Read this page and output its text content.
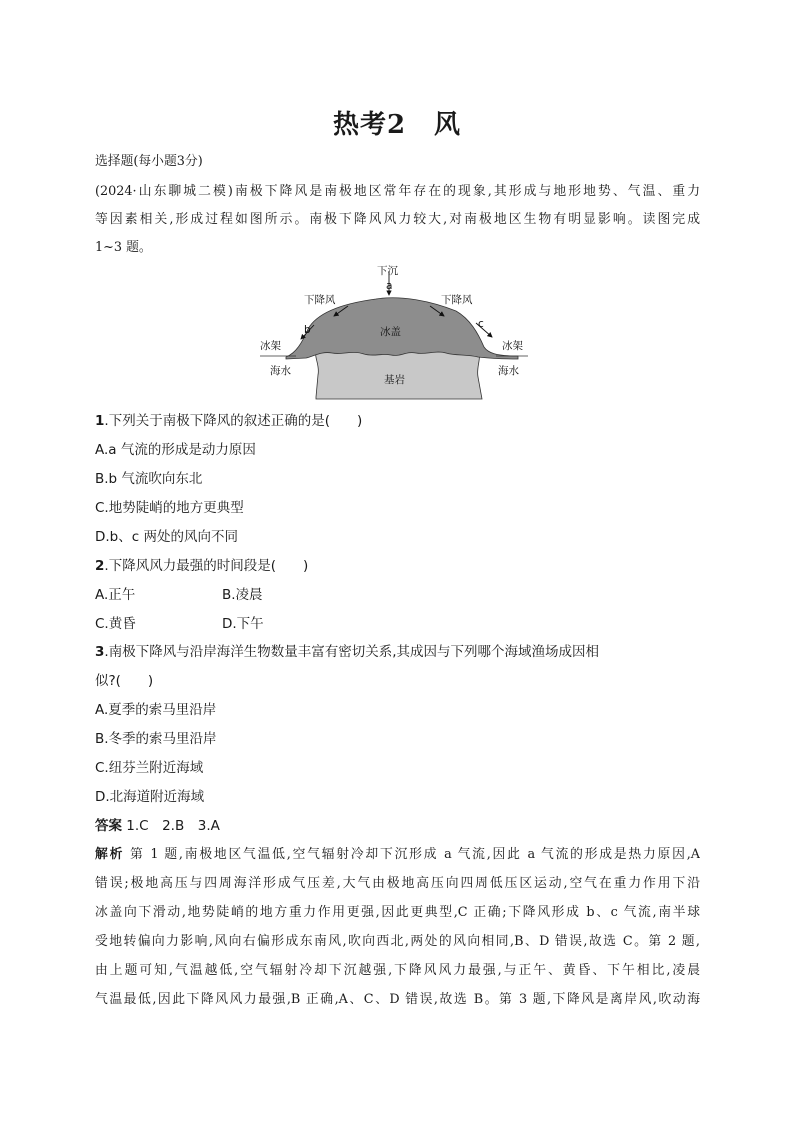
热考2 风
选择题(每小题3分)
(2024·山东聊城二模)南极下降风是南极地区常年存在的现象,其形成与地形地势、气温、重力
等因素相关,形成过程如图所示。南极下降风风力较大,对南极地区生物有明显影响。读图完成
1~3 题。
下沉
a
下降风	下降风
b	c
冰盖
冰架	冰架
海水	海水
基岩
1.下列关于南极下降风的叙述正确的是(　　)
A.a 气流的形成是动力原因
B.b 气流吹向东北
C.地势陡峭的地方更典型
D.b、c 两处的风向不同
2.下降风风力最强的时间段是(　　)
A.正午	B.凌晨
C.黄昏	D.下午
3.南极下降风与沿岸海洋生物数量丰富有密切关系,其成因与下列哪个海域渔场成因相
似?(　　)
A.夏季的索马里沿岸
B.冬季的索马里沿岸
C.纽芬兰附近海域
D.北海道附近海域
答案 1.C　2.B　3.A
解析 第 1 题,南极地区气温低,空气辐射冷却下沉形成 a 气流,因此 a 气流的形成是热力原因,A
错误;极地高压与四周海洋形成气压差,大气由极地高压向四周低压区运动,空气在重力作用下沿
冰盖向下滑动,地势陡峭的地方重力作用更强,因此更典型,C 正确;下降风形成 b、c 气流,南半球
受地转偏向力影响,风向右偏形成东南风,吹向西北,两处的风向相同,B、D 错误,故选 C。第 2 题,
由上题可知,气温越低,空气辐射冷却下沉越强,下降风风力最强,与正午、黄昏、下午相比,凌晨
气温最低,因此下降风风力最强,B 正确,A、C、D 错误,故选 B。第 3 题,下降风是离岸风,吹动海
